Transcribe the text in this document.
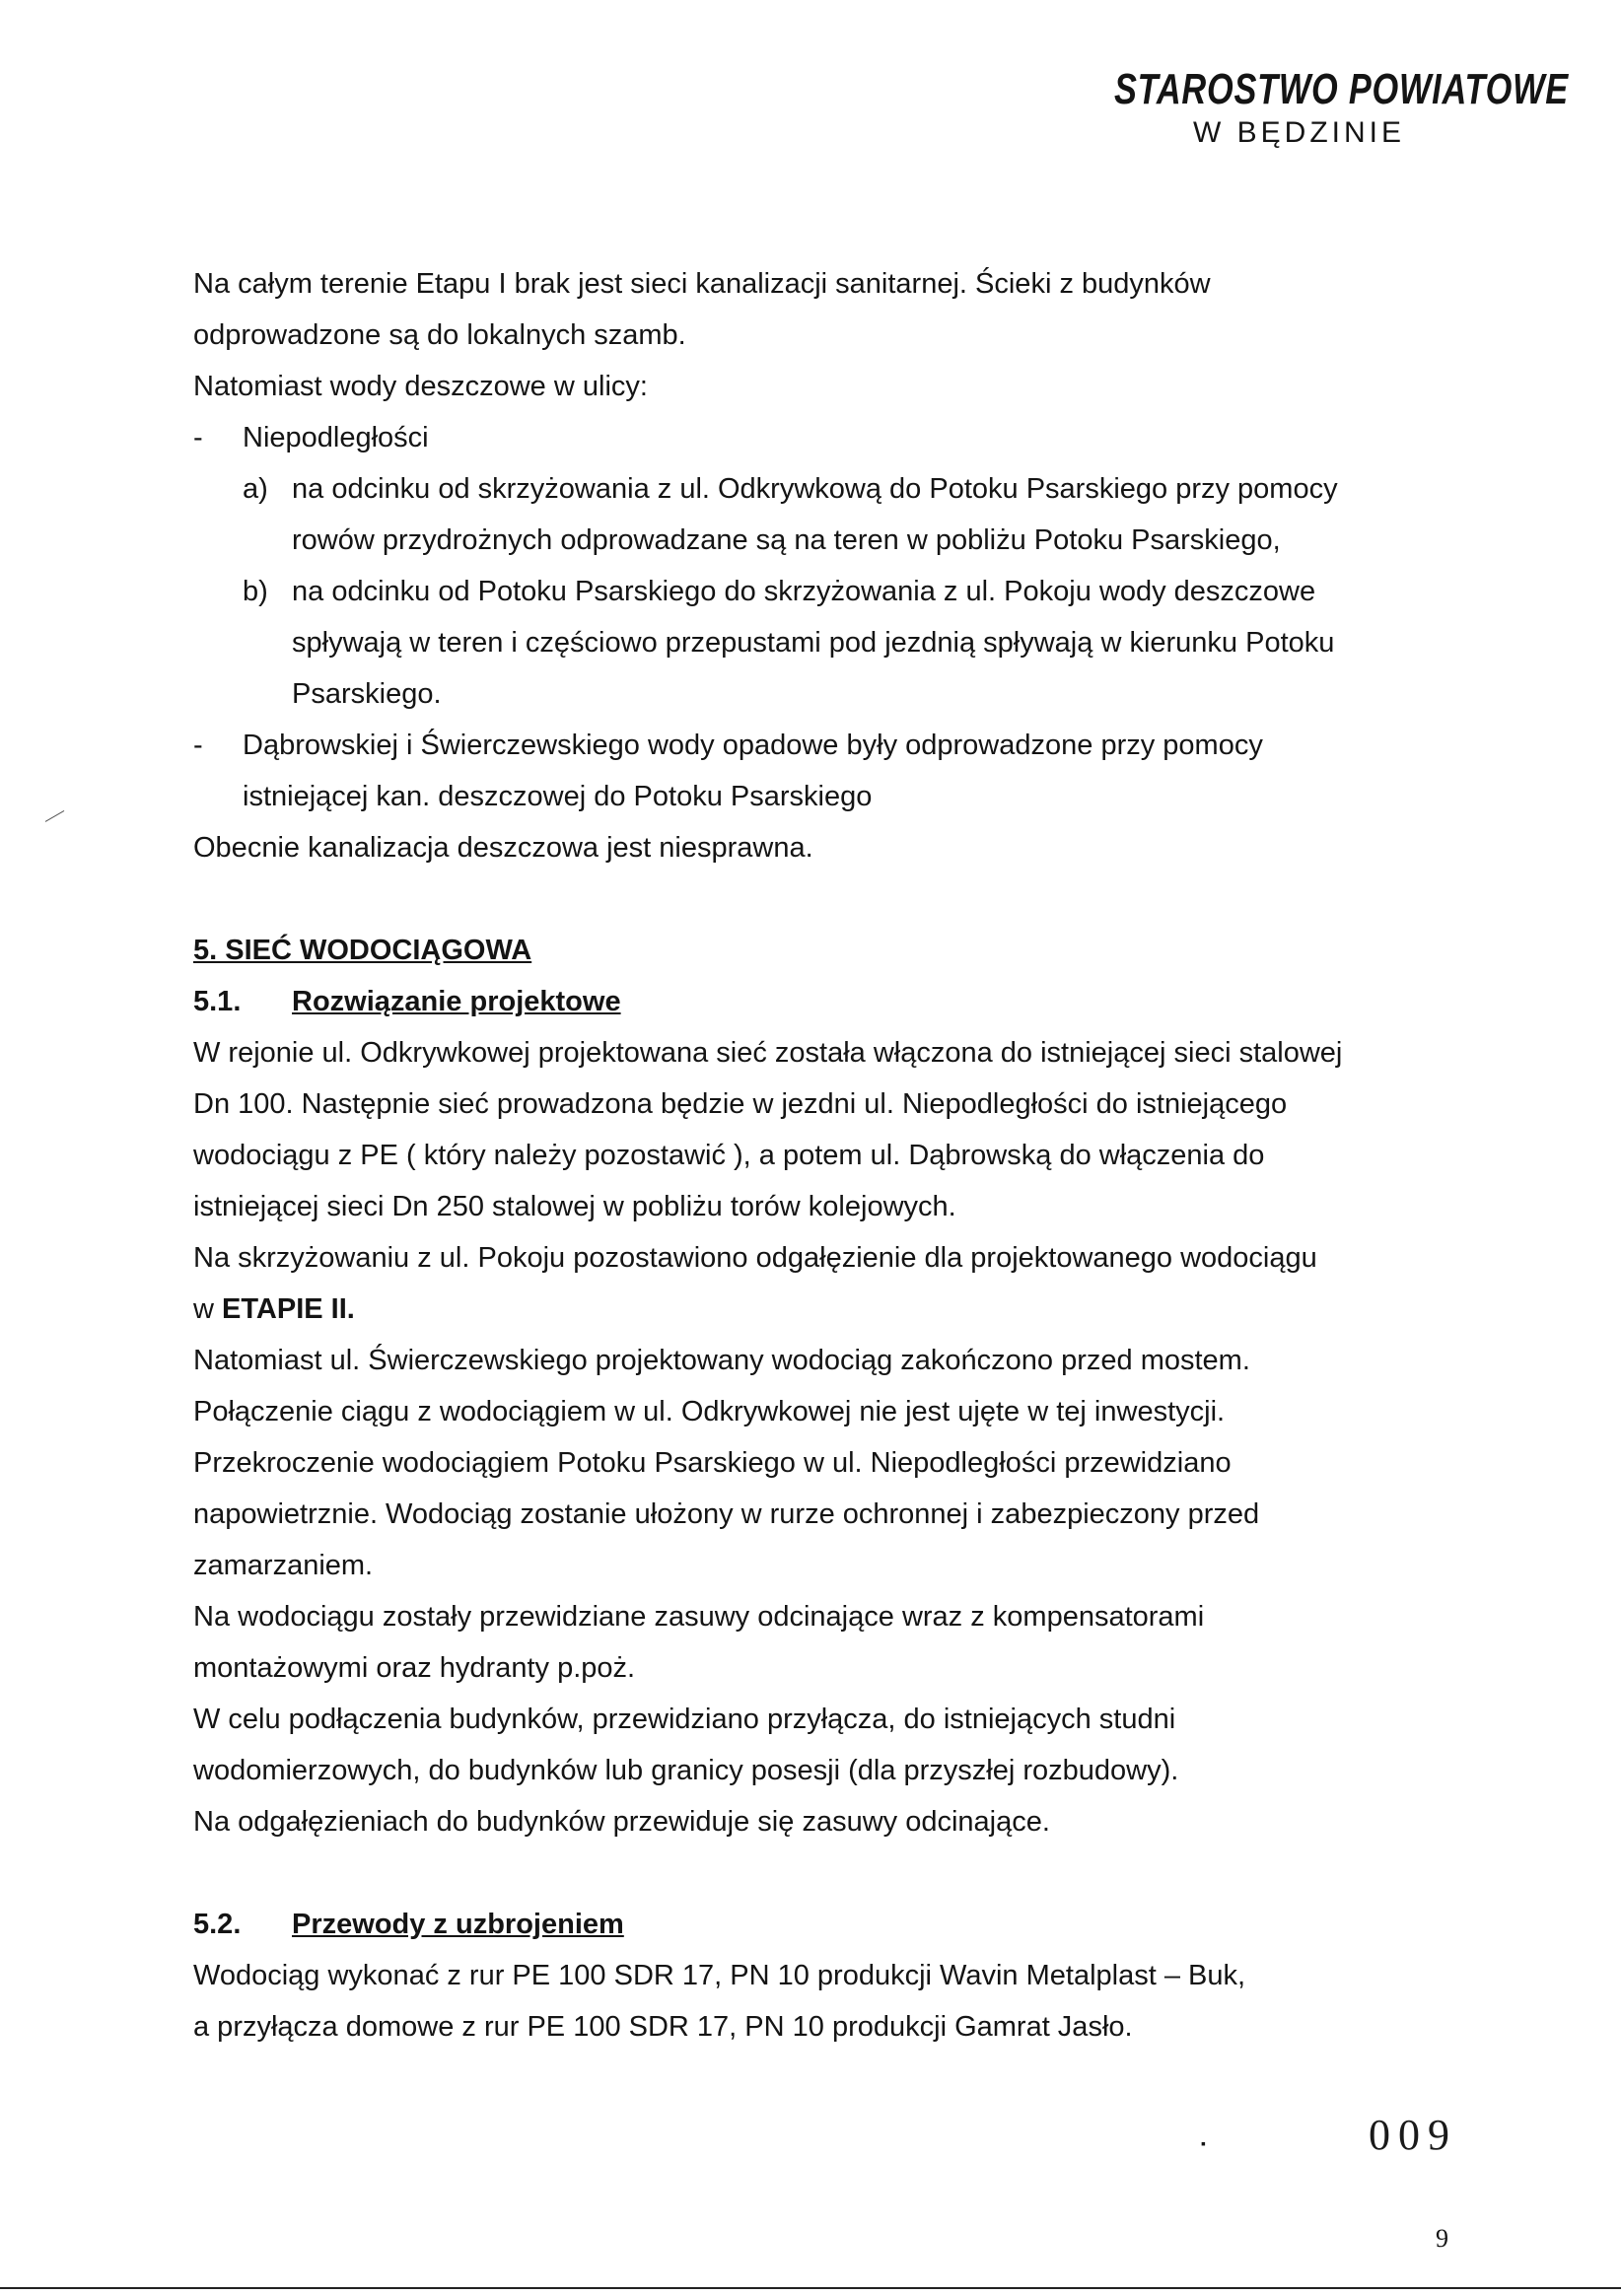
STAROSTWO POWIATOWE
W BĘDZINIE

Na całym terenie Etapu I brak jest sieci kanalizacji sanitarnej. Ścieki z budynków

odprowadzone są do lokalnych szamb.

Natomiast wody deszczowe w ulicy:

- Niepodległości

a) na odcinku od skrzyżowania z ul. Odkrywkową do Potoku Psarskiego przy pomocy

rowów przydrożnych odprowadzane są na teren w pobliżu Potoku Psarskiego,

b) na odcinku od Potoku Psarskiego do skrzyżowania z ul. Pokoju wody deszczowe

spływają w teren i częściowo przepustami pod jezdnią spływają w kierunku Potoku

Psarskiego.

- Dąbrowskiej i Świerczewskiego wody opadowe były odprowadzone przy pomocy

istniejącej kan. deszczowej do Potoku Psarskiego

Obecnie kanalizacja deszczowa jest niesprawna.

5. SIEĆ WODOCIĄGOWA

5.1. Rozwiązanie projektowe

W rejonie ul. Odkrywkowej projektowana sieć została włączona do istniejącej sieci stalowej

Dn 100. Następnie sieć prowadzona będzie w jezdni ul. Niepodległości do istniejącego

wodociągu z PE ( który należy pozostawić ), a potem ul. Dąbrowską do włączenia do

istniejącej sieci Dn 250 stalowej w pobliżu torów kolejowych.

Na skrzyżowaniu z ul. Pokoju pozostawiono odgałęzienie dla projektowanego wodociągu

w ETAPIE II.

Natomiast ul. Świerczewskiego projektowany wodociąg zakończono przed mostem.

Połączenie ciągu z wodociągiem w ul. Odkrywkowej nie jest ujęte w tej inwestycji.

Przekroczenie wodociągiem Potoku Psarskiego w ul. Niepodległości przewidziano

napowietrznie. Wodociąg zostanie ułożony w rurze ochronnej i zabezpieczony przed

zamarzaniem.

Na wodociągu zostały przewidziane zasuwy odcinające wraz z kompensatorami

montażowymi oraz hydranty p.poż.

W celu podłączenia budynków, przewidziano przyłącza, do istniejących studni

wodomierzowych, do budynków lub granicy posesji (dla przyszłej rozbudowy).

Na odgałęzieniach do budynków przewiduje się zasuwy odcinające.

5.2. Przewody z uzbrojeniem

Wodociąg wykonać z rur PE 100 SDR 17, PN 10 produkcji Wavin Metalplast – Buk,

a przyłącza domowe z rur PE 100 SDR 17, PN 10 produkcji Gamrat Jasło.

▪	009
9
